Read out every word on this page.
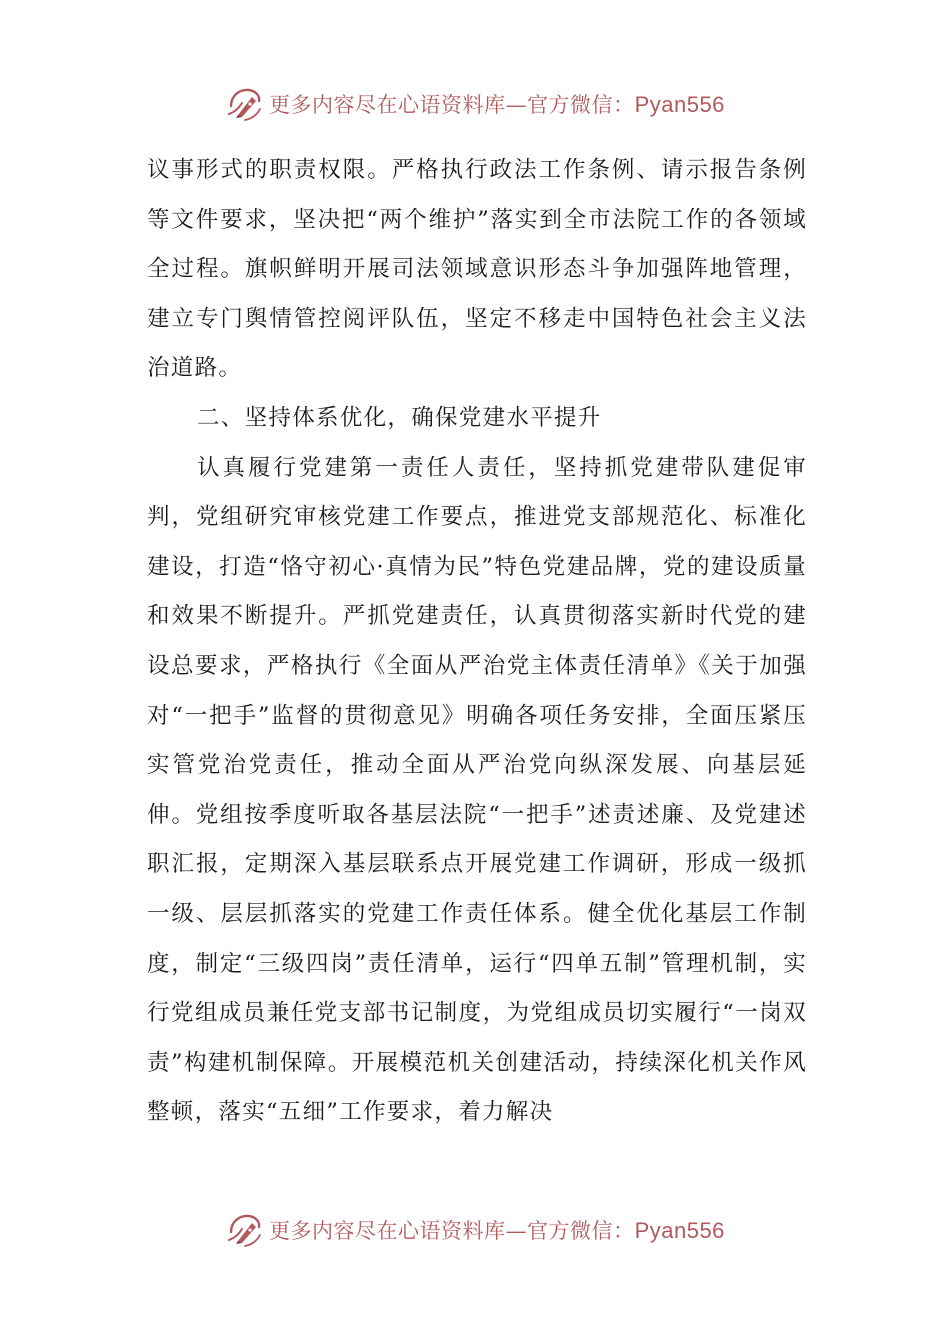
更多内容尽在心语资料库—官方微信：Pyan556

议事形式的职责权限。严格执行政法工作条例、请示报告条例等文件要求，坚决把“两个维护”落实到全市法院工作的各领域全过程。旗帜鲜明开展司法领域意识形态斗争加强阵地管理，建立专门舆情管控阅评队伍，坚定不移走中国特色社会主义法治道路。

二、坚持体系优化，确保党建水平提升

认真履行党建第一责任人责任，坚持抓党建带队建促审判，党组研究审核党建工作要点，推进党支部规范化、标准化建设，打造“恪守初心·真情为民”特色党建品牌，党的建设质量和效果不断提升。严抓党建责任，认真贯彻落实新时代党的建设总要求，严格执行《全面从严治党主体责任清单》《关于加强对“一把手”监督的贯彻意见》明确各项任务安排，全面压紧压实管党治党责任，推动全面从严治党向纵深发展、向基层延伸。党组按季度听取各基层法院“一把手”述责述廉、及党建述职汇报，定期深入基层联系点开展党建工作调研，形成一级抓一级、层层抓落实的党建工作责任体系。健全优化基层工作制度，制定“三级四岗”责任清单，运行“四单五制”管理机制，实行党组成员兼任党支部书记制度，为党组成员切实履行“一岗双责”构建机制保障。开展模范机关创建活动，持续深化机关作风整顿，落实“五细”工作要求，着力解决

更多内容尽在心语资料库—官方微信：Pyan556
